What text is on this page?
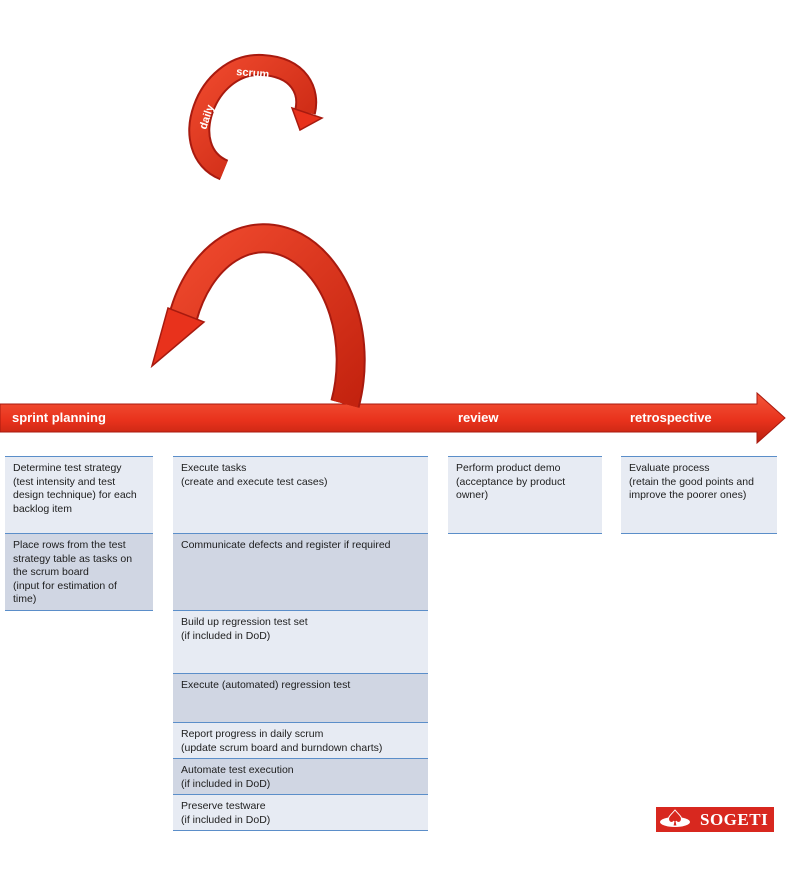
daily
scrum
sprint
sprint planning	review	retrospective
Determine test strategy
(test intensity and test
design technique) for each
backlog item
Place rows from the test
strategy table as tasks on
the scrum board
(input for estimation of
time)
Execute tasks
(create and execute test cases)
Communicate defects and register if required
Build up regression test set
(if included in DoD)
Execute (automated) regression test
Report progress in daily scrum
(update scrum board and burndown charts)
Automate test execution
(if included in DoD)
Preserve testware
(if included in DoD)
Perform product demo
(acceptance by product
owner)
Evaluate process
(retain the good points and
improve the poorer ones)
SOGETI
